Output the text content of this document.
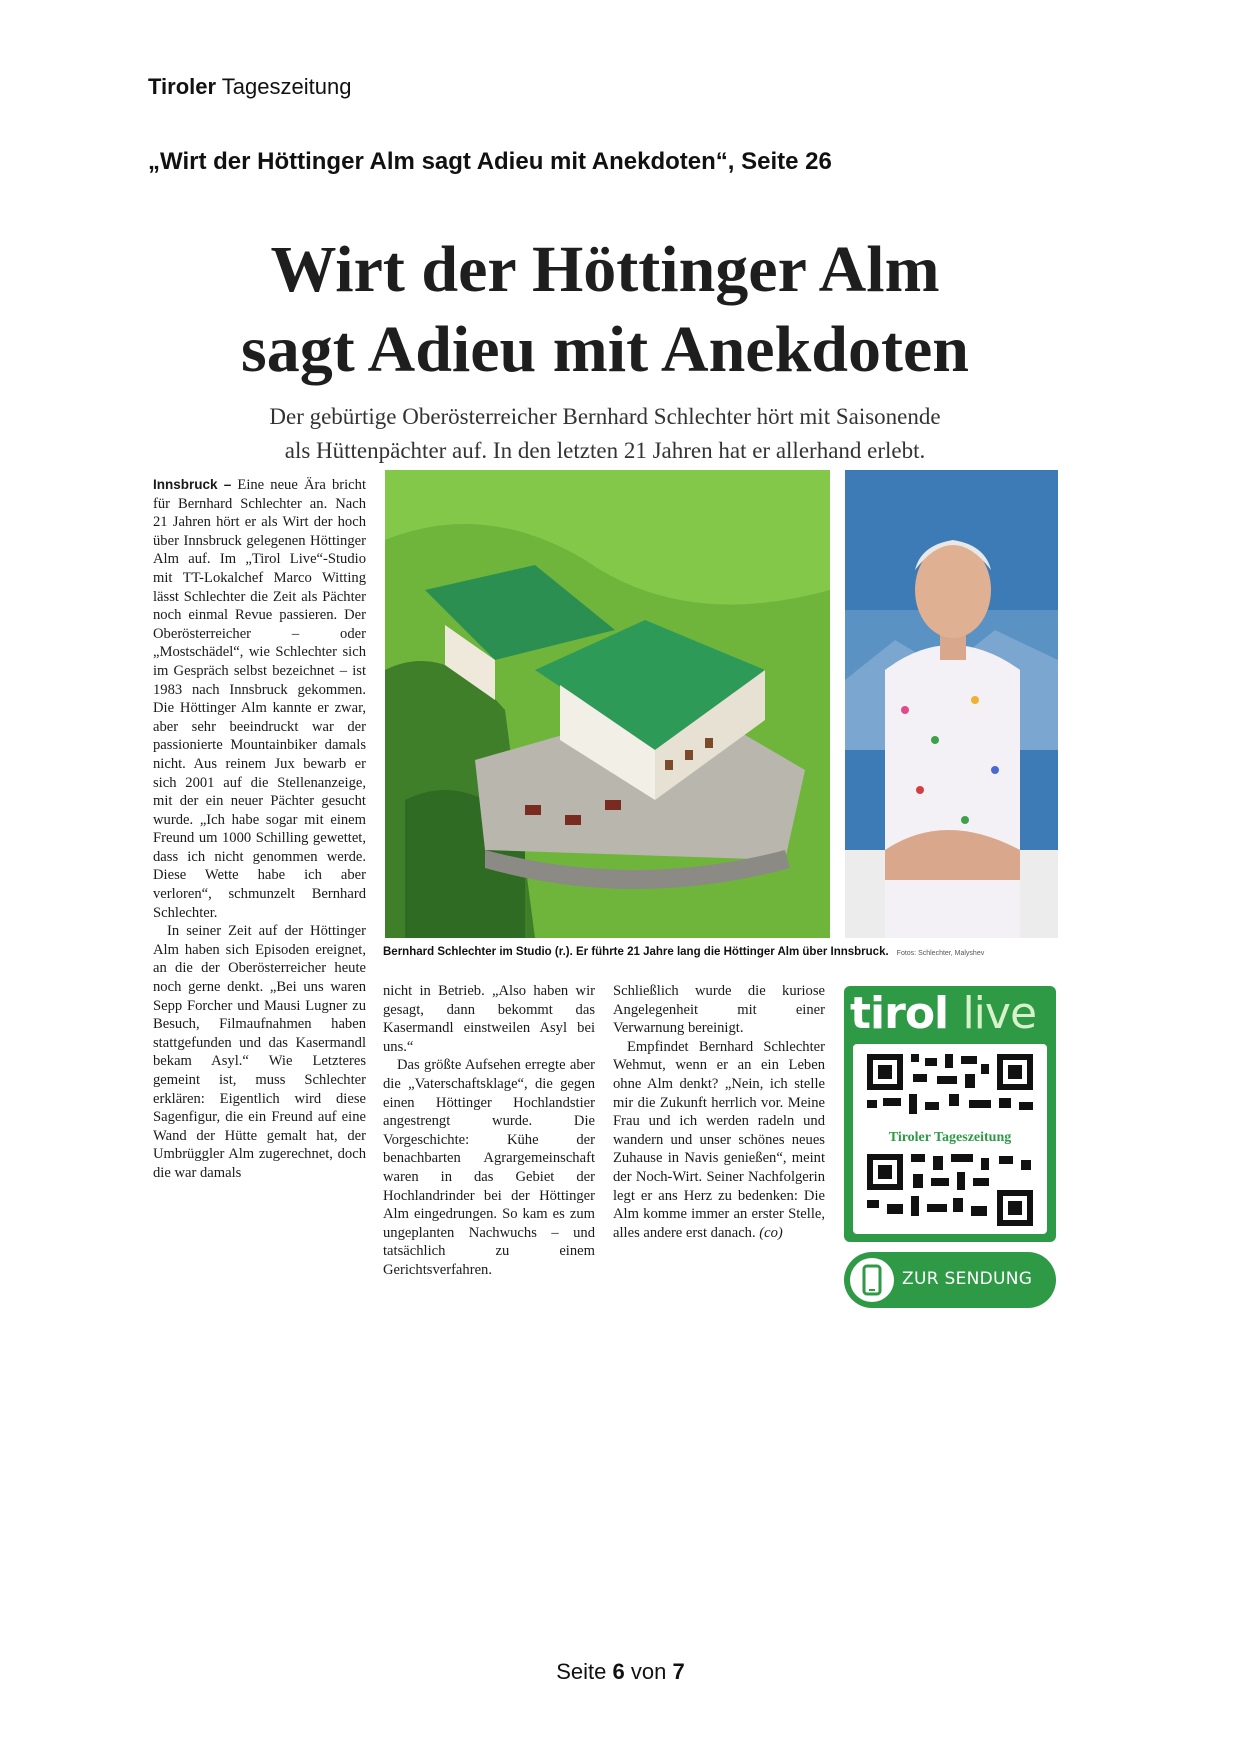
Tiroler Tageszeitung
„Wirt der Höttinger Alm sagt Adieu mit Anekdoten“, Seite 26
Wirt der Höttinger Alm
sagt Adieu mit Anekdoten
Der gebürtige Oberösterreicher Bernhard Schlechter hört mit Saisonende
als Hüttenpächter auf. In den letzten 21 Jahren hat er allerhand erlebt.

Innsbruck – Eine neue Ära bricht für Bernhard Schlechter an. Nach 21 Jahren hört er als Wirt der hoch über Innsbruck gelegenen Höttinger Alm auf. Im „Tirol Live“-Studio mit TT-Lokalchef Marco Witting lässt Schlechter die Zeit als Pächter noch einmal Revue passieren. Der Oberösterreicher – oder „Mostschädel“, wie Schlechter sich im Gespräch selbst bezeichnet – ist 1983 nach Innsbruck gekommen. Die Höttinger Alm kannte er zwar, aber sehr beeindruckt war der passionierte Mountainbiker damals nicht. Aus reinem Jux bewarb er sich 2001 auf die Stellenanzeige, mit der ein neuer Pächter gesucht wurde. „Ich habe sogar mit einem Freund um 1000 Schilling gewettet, dass ich nicht genommen werde. Diese Wette habe ich aber verloren“, schmunzelt Bernhard Schlechter.

In seiner Zeit auf der Höttinger Alm haben sich Episoden ereignet, an die der Oberösterreicher heute noch gerne denkt. „Bei uns waren Sepp Forcher und Mausi Lugner zu Besuch, Filmaufnahmen haben stattgefunden und das Kasermandl bekam Asyl.“ Wie Letzteres gemeint ist, muss Schlechter erklären: Eigentlich wird diese Sagenfigur, die ein Freund auf eine Wand der Hütte gemalt hat, der Umbrüggler Alm zugerechnet, doch die war damals

Bernhard Schlechter im Studio (r.). Er führte 21 Jahre lang die Höttinger Alm über Innsbruck. Fotos: Schlechter, Malyshev

nicht in Betrieb. „Also haben wir gesagt, dann bekommt das Kasermandl einstweilen Asyl bei uns.“

Das größte Aufsehen erregte aber die „Vaterschaftsklage“, die gegen einen Höttinger Hochlandstier angestrengt wurde. Die Vorgeschichte: Kühe der benachbarten Agrargemeinschaft waren in das Gebiet der Hochlandrinder bei der Höttinger Alm eingedrungen. So kam es zum ungeplanten Nachwuchs – und tatsächlich zu einem Gerichtsverfahren.

Schließlich wurde die kuriose Angelegenheit mit einer Verwarnung bereinigt.

Empfindet Bernhard Schlechter Wehmut, wenn er an ein Leben ohne Alm denkt? „Nein, ich stelle mir die Zukunft herrlich vor. Meine Frau und ich werden radeln und wandern und unser schönes neues Zuhause in Navis genießen“, meint der Noch-Wirt. Seiner Nachfolgerin legt er ans Herz zu bedenken: Die Alm komme immer an erster Stelle, alles andere erst danach. (co)

tirol live
Tiroler Tageszeitung
ZUR SENDUNG
Seite 6 von 7
